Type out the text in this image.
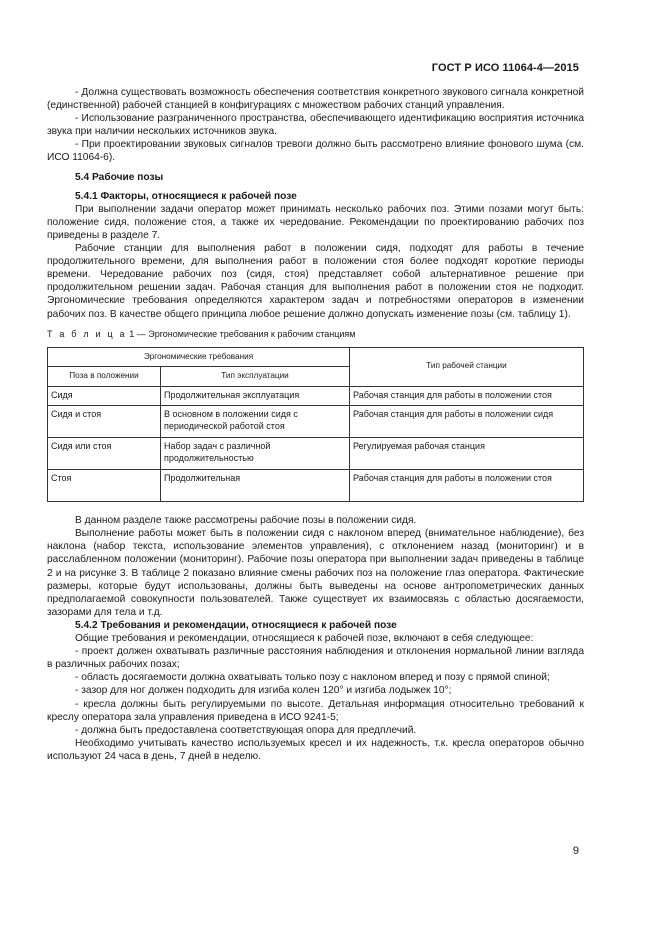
ГОСТ Р ИСО 11064-4—2015

- Должна существовать возможность обеспечения соответствия конкретного звукового сигнала конкретной (единственной) рабочей станцией в конфигурациях с множеством рабочих станций управления.

- Использование разграниченного пространства, обеспечивающего идентификацию восприятия источника звука при наличии нескольких источников звука.

- При проектировании звуковых сигналов тревоги должно быть рассмотрено влияние фонового шума (см. ИСО 11064-6).

5.4 Рабочие позы

5.4.1 Факторы, относящиеся к рабочей позе

При выполнении задачи оператор может принимать несколько рабочих поз. Этими позами могут быть: положение сидя, положение стоя, а также их чередование. Рекомендации по проектированию рабочих поз приведены в разделе 7.

Рабочие станции для выполнения работ в положении сидя, подходят для работы в течение продолжительного времени, для выполнения работ в положении стоя более подходят короткие периоды времени. Чередование рабочих поз (сидя, стоя) представляет собой альтернативное решение при продолжительном решении задач. Рабочая станция для выполнения работ в положении стоя не подходит. Эргономические требования определяются характером задач и потребностями операторов в изменении рабочих поз. В качестве общего принципа любое решение должно допускать изменение позы (см. таблицу 1).

Т а б л и ц а 1 — Эргономические требования к рабочим станциям
Эргономические требования		Тип рабочей станции
Поза в положении	Тип эксплуатации	
Сидя	Продолжительная эксплуатация	Рабочая станция для работы в положении стоя
Сидя и стоя	В основном в положении сидя с периодической работой стоя	Рабочая станция для работы в положении сидя
Сидя или стоя	Набор задач с различной продолжительностью	Регулируемая рабочая станция
Стоя	Продолжительная	Рабочая станция для работы в положении стоя

В данном разделе также рассмотрены рабочие позы в положении сидя.

Выполнение работы может быть в положении сидя с наклоном вперед (внимательное наблюдение), без наклона (набор текста, использование элементов управления), с отклонением назад (мониторинг) и в расслабленном положении (мониторинг). Рабочие позы оператора при выполнении задач приведены в таблице 2 и на рисунке 3. В таблице 2 показано влияние смены рабочих поз на положение глаз оператора. Фактические размеры, которые будут использованы, должны быть выведены на основе антропометрических данных предполагаемой совокупности пользователей. Также существует их взаимосвязь с областью досягаемости, зазорами для тела и т.д.

5.4.2 Требования и рекомендации, относящиеся к рабочей позе

Общие требования и рекомендации, относящиеся к рабочей позе, включают в себя следующее:

- проект должен охватывать различные расстояния наблюдения и отклонения нормальной линии взгляда в различных рабочих позах;

- область досягаемости должна охватывать только позу с наклоном вперед и позу с прямой спиной;

- зазор для ног должен подходить для изгиба колен 120° и изгиба лодыжек 10°;

- кресла должны быть регулируемыми по высоте. Детальная информация относительно требований к креслу оператора зала управления приведена в ИСО 9241-5;

- должна быть предоставлена соответствующая опора для предплечий.

Необходимо учитывать качество используемых кресел и их надежность, т.к. кресла операторов обычно используют 24 часа в день, 7 дней в неделю.

9
